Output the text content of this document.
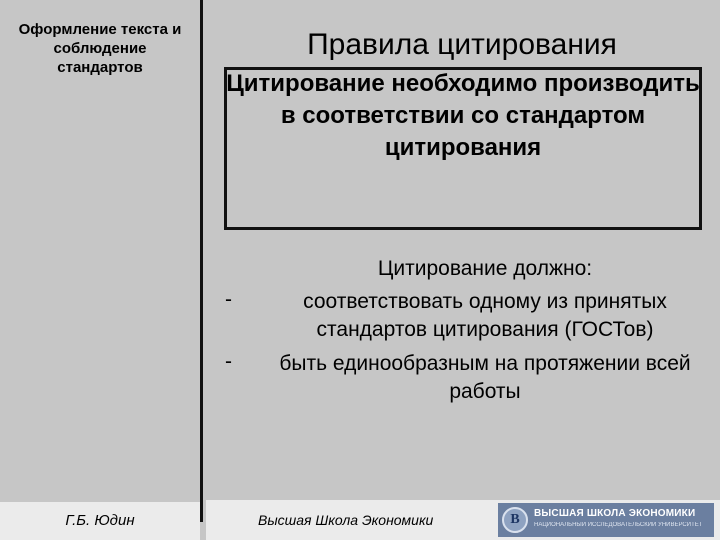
Оформление текста и соблюдение стандартов
Г.Б. Юдин	Высшая Школа Экономики	В	ВЫСШАЯ ШКОЛА ЭКОНОМИКИ
НАЦИОНАЛЬНЫЙ ИССЛЕДОВАТЕЛЬСКИЙ УНИВЕРСИТЕТ
Правила цитирования
Цитирование необходимо производить в соответствии со стандартом цитирования
Цитирование должно:
-	соответствовать одному из принятых стандартов цитирования (ГОСТов)
-	быть единообразным на протяжении всей работы
